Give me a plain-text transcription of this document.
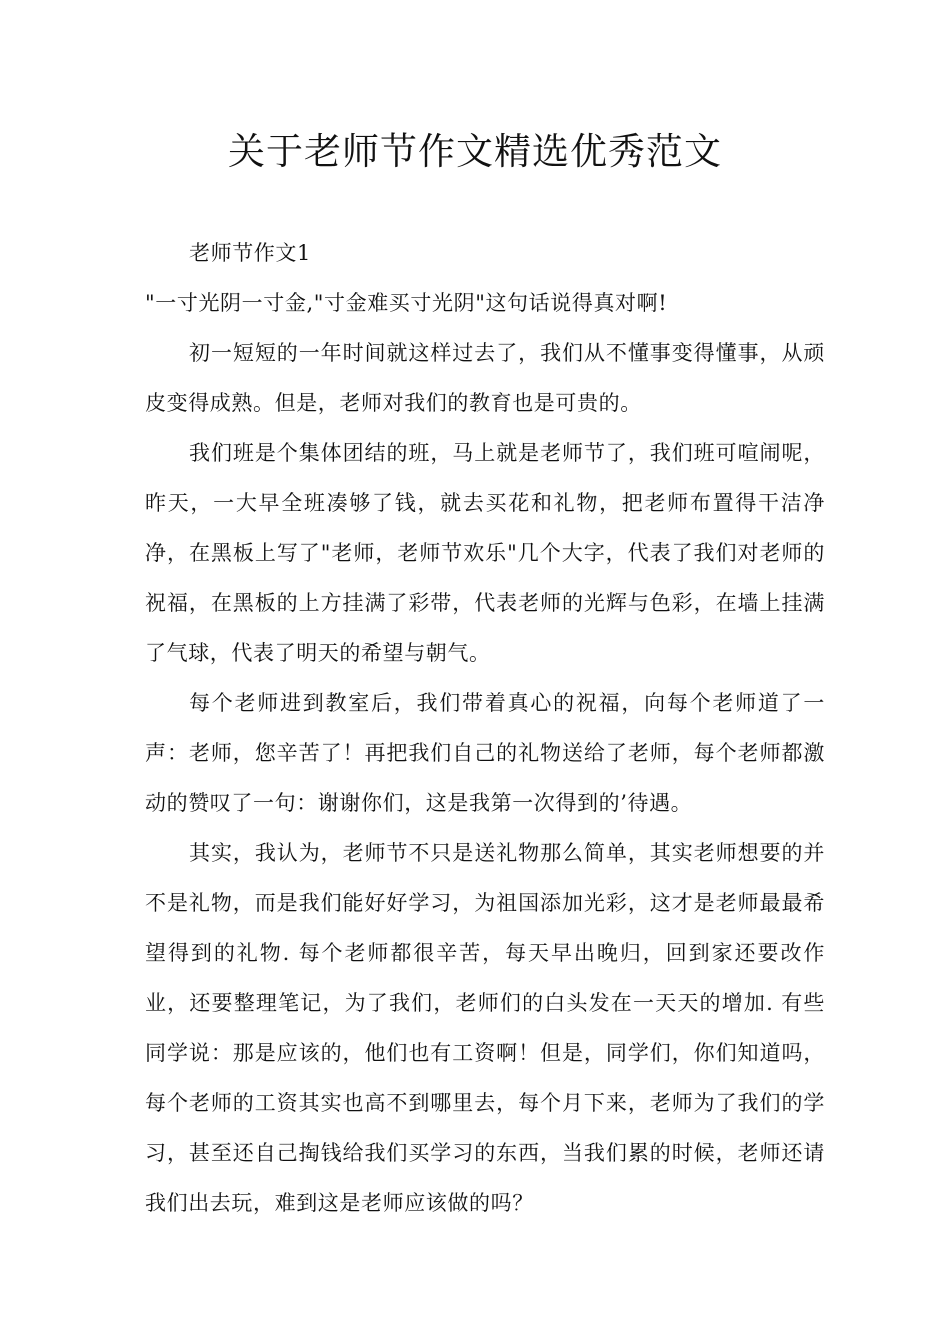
关于老师节作文精选优秀范文

老师节作文1

"一寸光阴一寸金,"寸金难买寸光阴"这句话说得真对啊!

初一短短的一年时间就这样过去了，我们从不懂事变得懂事，从顽皮变得成熟。但是，老师对我们的教育也是可贵的。

我们班是个集体团结的班，马上就是老师节了，我们班可喧闹呢，昨天，一大早全班凑够了钱，就去买花和礼物，把老师布置得干洁净净，在黑板上写了"老师，老师节欢乐"几个大字，代表了我们对老师的祝福，在黑板的上方挂满了彩带，代表老师的光辉与色彩，在墙上挂满了气球，代表了明天的希望与朝气。

每个老师进到教室后，我们带着真心的祝福，向每个老师道了一声：老师，您辛苦了！再把我们自己的礼物送给了老师，每个老师都激动的赞叹了一句：谢谢你们，这是我第一次得到的’待遇。

其实，我认为，老师节不只是送礼物那么简单，其实老师想要的并不是礼物，而是我们能好好学习，为祖国添加光彩，这才是老师最最希望得到的礼物. 每个老师都很辛苦，每天早出晚归，回到家还要改作业，还要整理笔记，为了我们，老师们的白头发在一天天的增加. 有些同学说：那是应该的，他们也有工资啊！但是，同学们，你们知道吗，每个老师的工资其实也高不到哪里去，每个月下来，老师为了我们的学习，甚至还自己掏钱给我们买学习的东西，当我们累的时候，老师还请我们出去玩，难到这是老师应该做的吗？
